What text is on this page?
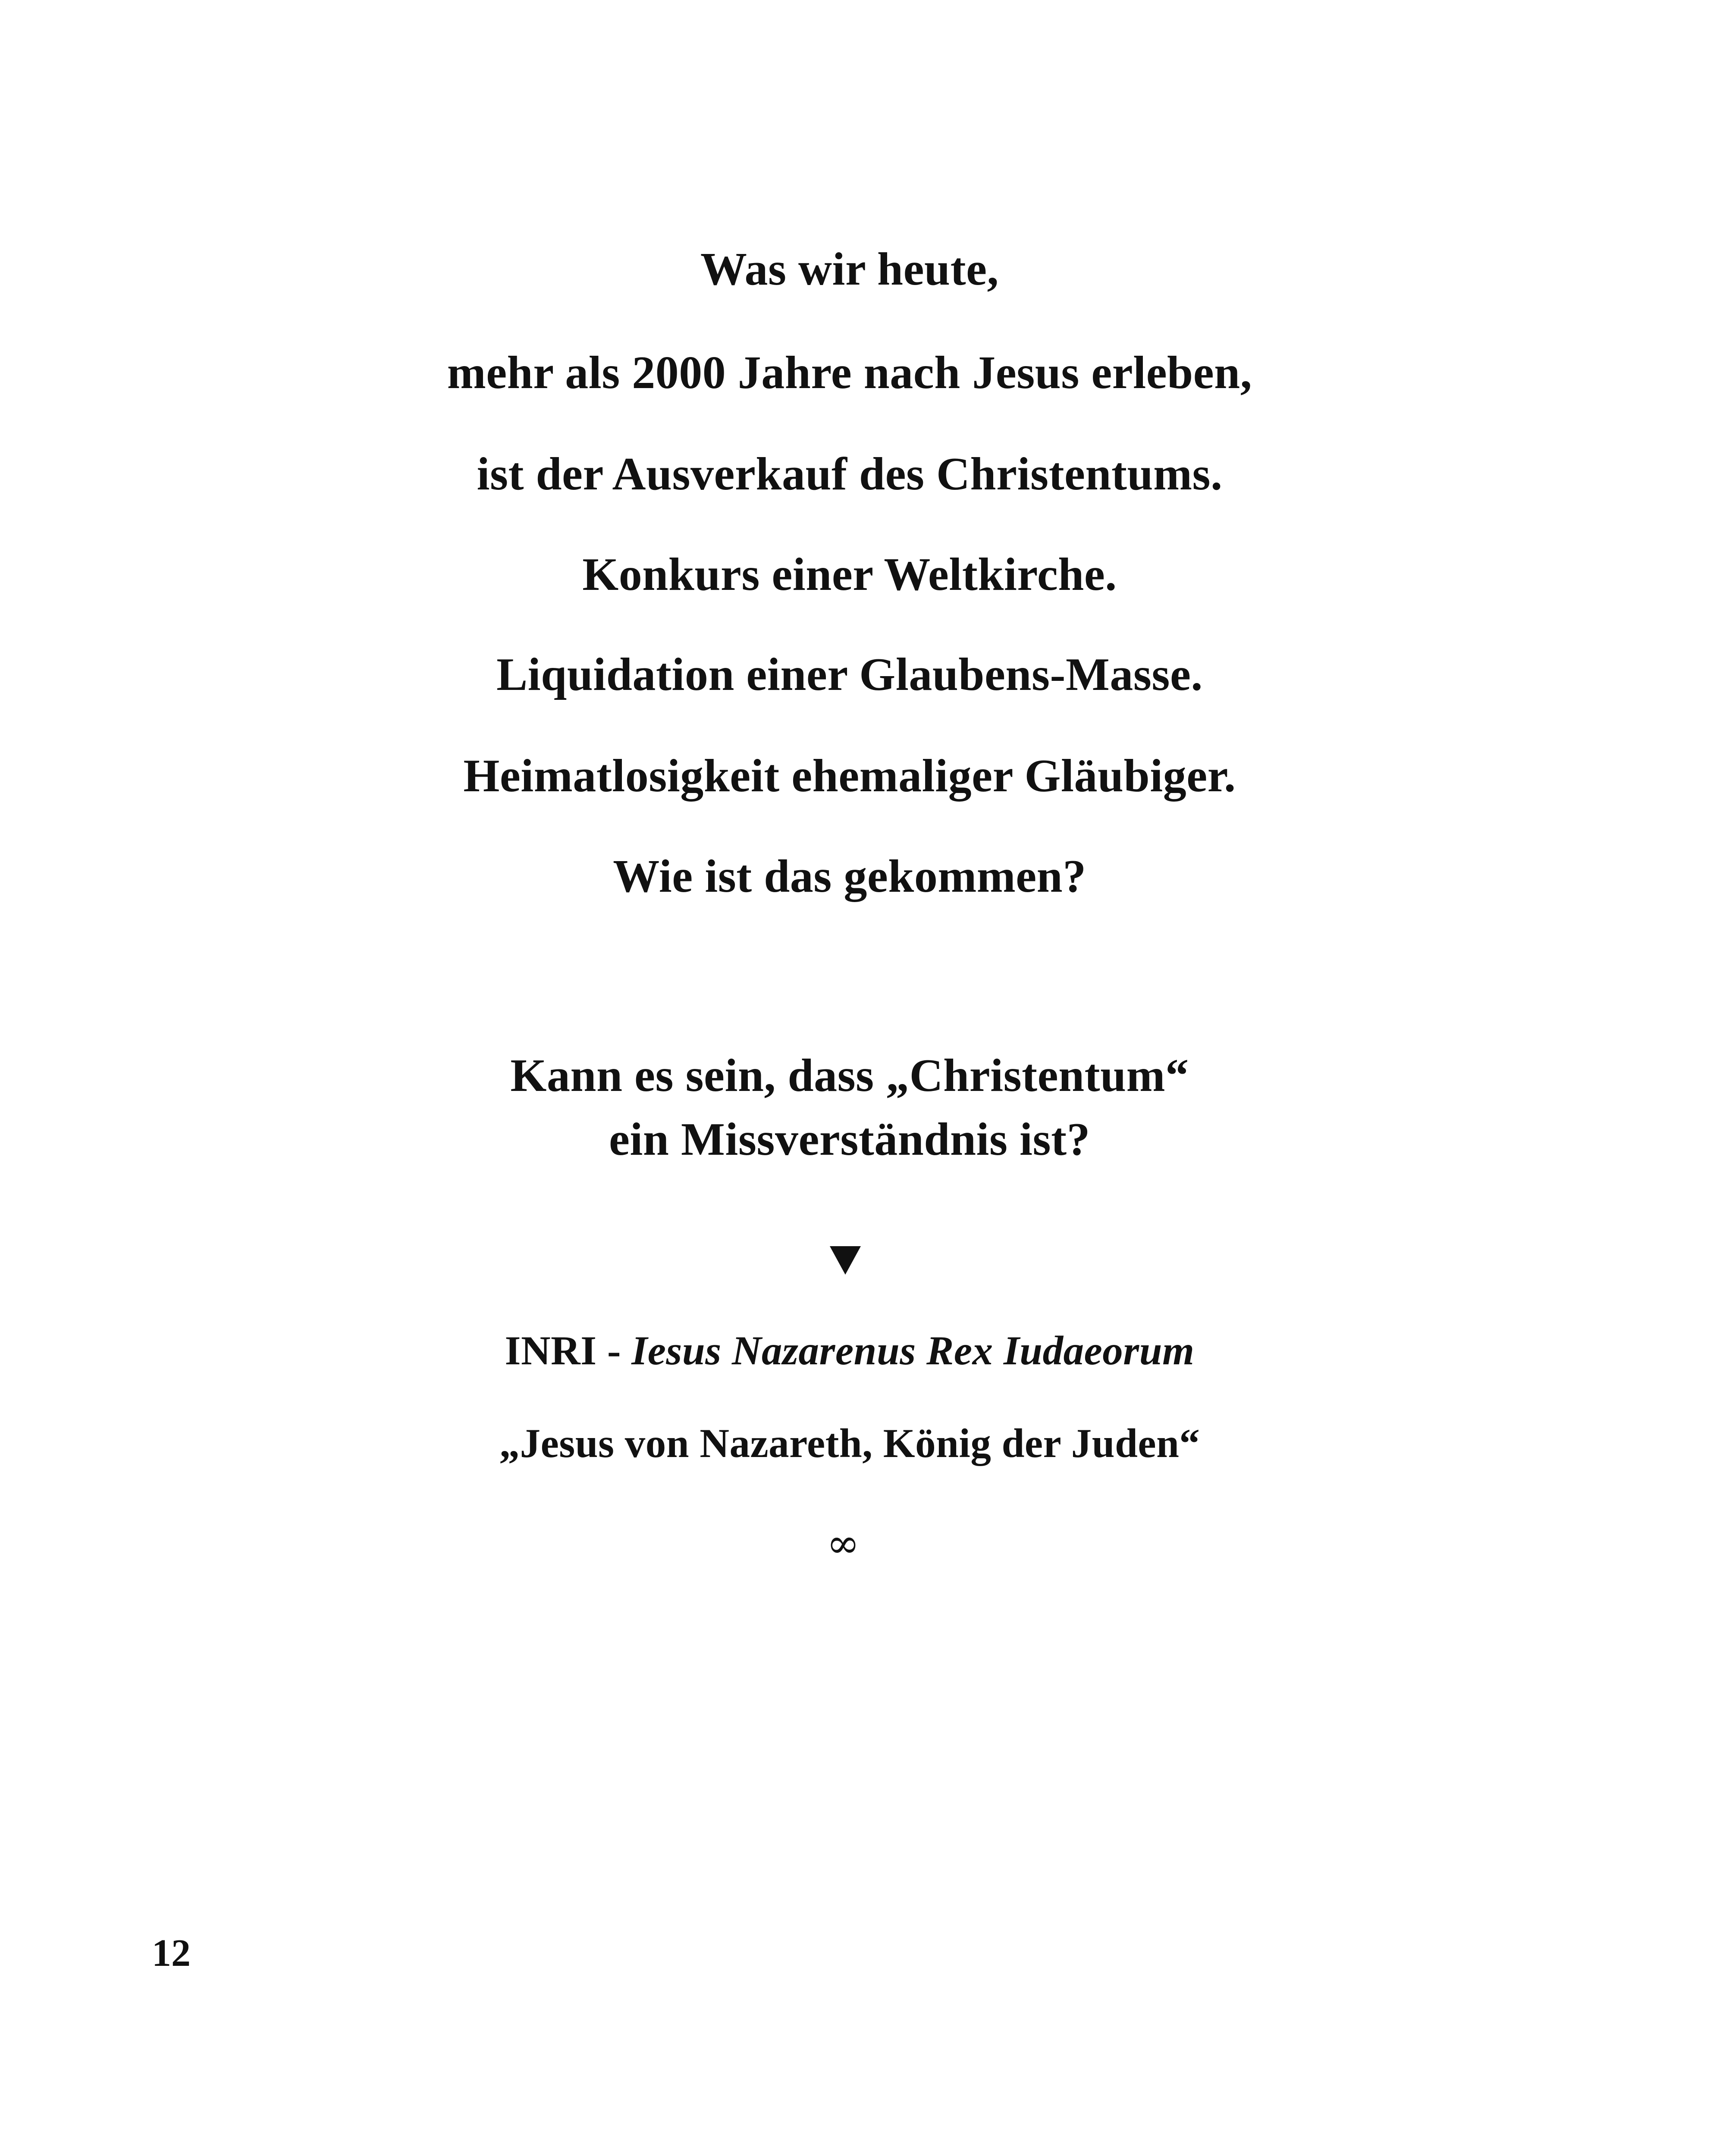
Was wir heute,
mehr als 2000 Jahre nach Jesus erleben,
ist der Ausverkauf des Christentums.
Konkurs einer Weltkirche.
Liquidation einer Glaubens-Masse.
Heimatlosigkeit ehemaliger Gläubiger.
Wie ist das gekommen?
Kann es sein, dass „Christentum“
ein Missverständnis ist?
INRI - Iesus Nazarenus Rex Iudaeorum
„Jesus von Nazareth, König der Juden“
∞
12
